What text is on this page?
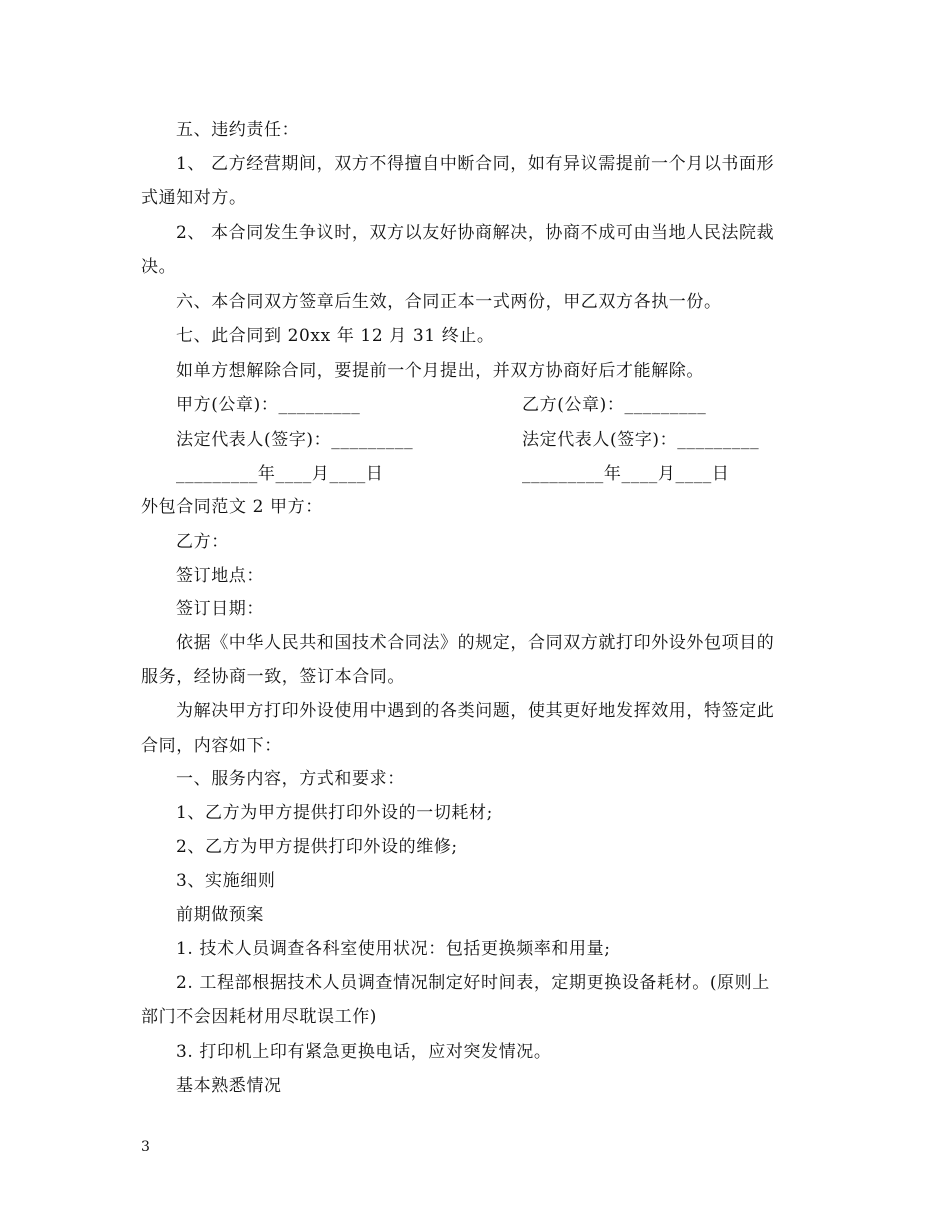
五、违约责任：
1、 乙方经营期间，双方不得擅自中断合同，如有异议需提前一个月以书面形
式通知对方。
2、 本合同发生争议时，双方以友好协商解决，协商不成可由当地人民法院裁
决。
六、本合同双方签章后生效，合同正本一式两份，甲乙双方各执一份。
七、此合同到 20xx 年 12 月 31 终止。
如单方想解除合同，要提前一个月提出，并双方协商好后才能解除。
甲方(公章)：_________	乙方(公章)：_________
法定代表人(签字)：_________	法定代表人(签字)：_________
_________年____月____日	_________年____月____日
外包合同范文 2 甲方：
乙方：
签订地点：
签订日期：
依据《中华人民共和国技术合同法》的规定，合同双方就打印外设外包项目的
服务，经协商一致，签订本合同。
为解决甲方打印外设使用中遇到的各类问题，使其更好地发挥效用，特签定此
合同，内容如下：
一、服务内容，方式和要求：
1、乙方为甲方提供打印外设的一切耗材;
2、乙方为甲方提供打印外设的维修;
3、实施细则
前期做预案
1. 技术人员调查各科室使用状况：包括更换频率和用量;
2. 工程部根据技术人员调查情况制定好时间表，定期更换设备耗材。(原则上
部门不会因耗材用尽耽误工作)
3. 打印机上印有紧急更换电话，应对突发情况。
基本熟悉情况
3
